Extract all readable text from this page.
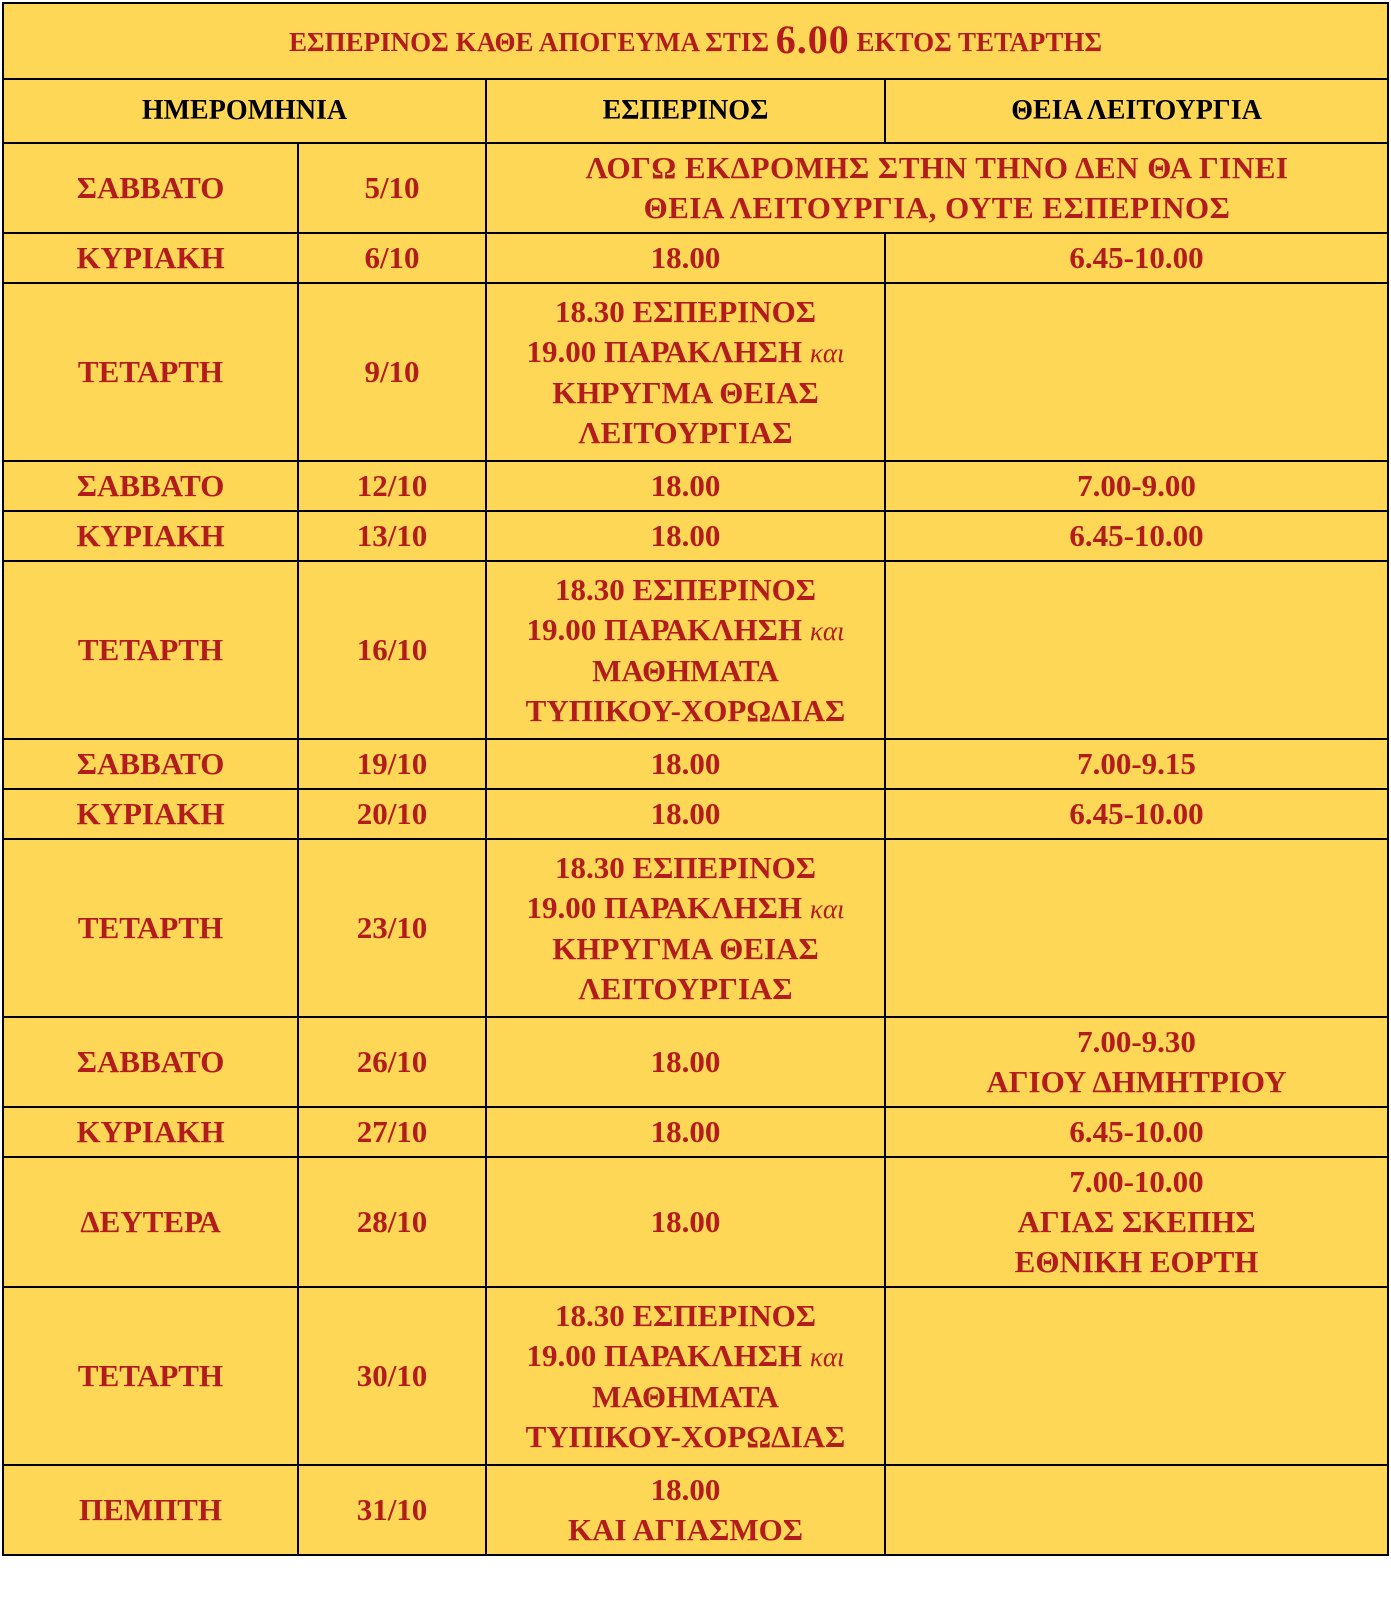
ΕΣΠΕΡΙΝΟΣ ΚΑΘΕ ΑΠΟΓΕΥΜΑ ΣΤΙΣ 6.00 ΕΚΤΟΣ ΤΕΤΑΡΤΗΣ			
ΗΜΕΡΟΜΗΝΙΑ		ΕΣΠΕΡΙΝΟΣ	ΘΕΙΑ ΛΕΙΤΟΥΡΓΙΑ
ΣΑΒΒΑΤΟ	5/10	ΛΟΓΩ ΕΚΔΡΟΜΗΣ ΣΤΗΝ ΤΗΝΟ ΔΕΝ ΘΑ ΓΙΝΕΙ
ΘΕΙΑ ΛΕΙΤΟΥΡΓΙΑ, ΟΥΤΕ ΕΣΠΕΡΙΝΟΣ	

ΚΥΡΙΑΚΗ	6/10	18.00	6.45-10.00

ΤΕΤΑΡΤΗ	9/10	18.30 ΕΣΠΕΡΙΝΟΣ
19.00 ΠΑΡΑΚΛΗΣΗ και
ΚΗΡΥΓΜΑ ΘΕΙΑΣ
ΛΕΙΤΟΥΡΓΙΑΣ	

ΣΑΒΒΑΤΟ	12/10	18.00	7.00-9.00

ΚΥΡΙΑΚΗ	13/10	18.00	6.45-10.00

ΤΕΤΑΡΤΗ	16/10	18.30 ΕΣΠΕΡΙΝΟΣ
19.00 ΠΑΡΑΚΛΗΣΗ και
ΜΑΘΗΜΑΤΑ
ΤΥΠΙΚΟΥ-ΧΟΡΩΔΙΑΣ	

ΣΑΒΒΑΤΟ	19/10	18.00	7.00-9.15

ΚΥΡΙΑΚΗ	20/10	18.00	6.45-10.00

ΤΕΤΑΡΤΗ	23/10	18.30 ΕΣΠΕΡΙΝΟΣ
19.00 ΠΑΡΑΚΛΗΣΗ και
ΚΗΡΥΓΜΑ ΘΕΙΑΣ
ΛΕΙΤΟΥΡΓΙΑΣ	

ΣΑΒΒΑΤΟ	26/10	18.00	7.00-9.30
ΑΓΙΟΥ ΔΗΜΗΤΡΙΟΥ

ΚΥΡΙΑΚΗ	27/10	18.00	6.45-10.00

ΔΕΥΤΕΡΑ	28/10	18.00	7.00-10.00
ΑΓΙΑΣ ΣΚΕΠΗΣ
ΕΘΝΙΚΗ ΕΟΡΤΗ

ΤΕΤΑΡΤΗ	30/10	18.30 ΕΣΠΕΡΙΝΟΣ
19.00 ΠΑΡΑΚΛΗΣΗ και
ΜΑΘΗΜΑΤΑ
ΤΥΠΙΚΟΥ-ΧΟΡΩΔΙΑΣ	

ΠΕΜΠΤΗ	31/10	18.00
ΚΑΙ ΑΓΙΑΣΜΟΣ	
